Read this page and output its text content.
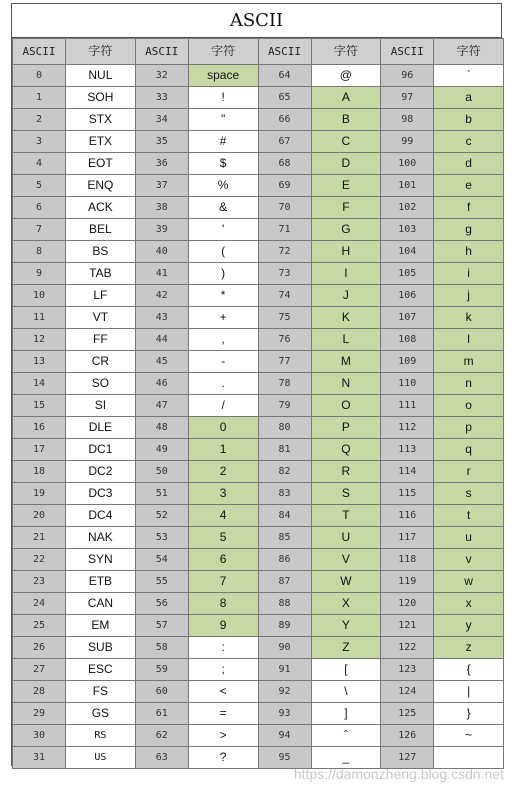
ASCII
ASCII	字符	ASCII	字符	ASCII	字符	ASCII	字符
0	NUL	32	space	64	@	96	`
1	SOH	33	!	65	A	97	a
2	STX	34	"	66	B	98	b
3	ETX	35	#	67	C	99	c
4	EOT	36	$	68	D	100	d
5	ENQ	37	%	69	E	101	e
6	ACK	38	&	70	F	102	f
7	BEL	39	'	71	G	103	g
8	BS	40	(	72	H	104	h
9	TAB	41	)	73	I	105	i
10	LF	42	*	74	J	106	j
11	VT	43	+	75	K	107	k
12	FF	44	,	76	L	108	l
13	CR	45	-	77	M	109	m
14	SO	46	.	78	N	110	n
15	SI	47	/	79	O	111	o
16	DLE	48	0	80	P	112	p
17	DC1	49	1	81	Q	113	q
18	DC2	50	2	82	R	114	r
19	DC3	51	3	83	S	115	s
20	DC4	52	4	84	T	116	t
21	NAK	53	5	85	U	117	u
22	SYN	54	6	86	V	118	v
23	ETB	55	7	87	W	119	w
24	CAN	56	8	88	X	120	x
25	EM	57	9	89	Y	121	y
26	SUB	58	:	90	Z	122	z
27	ESC	59	;	91	[	123	{
28	FS	60	<	92	\	124	|
29	GS	61	=	93	]	125	}
30	RS	62	>	94	ˆ	126	~
31	US	63	?	95	_	127	
https://damonzheng.blog.csdn.net
